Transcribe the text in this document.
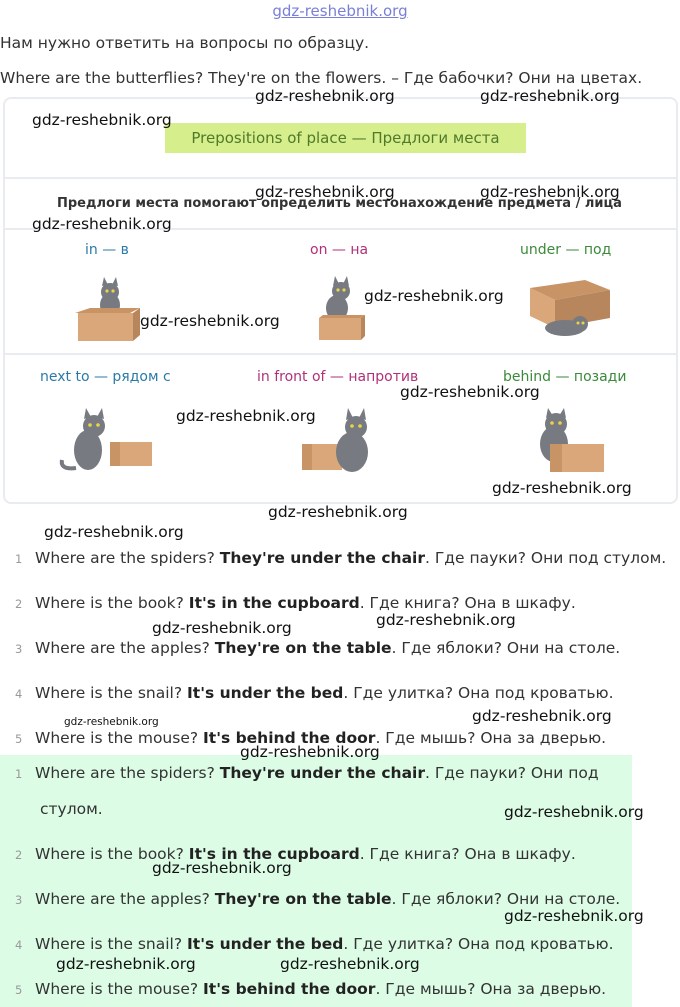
gdz-reshebnik.org
Нам нужно ответить на вопросы по образцу.
Where are the butterflies? They're on the flowers. – Где бабочки? Они на цветах.
Prepositions of place — Предлоги места
Предлоги места помогают определить местонахождение предмета / лица
in — в	on — на	under — под
next to — рядом с	in front of — напротив	behind — позади
1 Where are the spiders? They're under the chair. Где пауки? Они под стулом.
2 Where is the book? It's in the cupboard. Где книга? Она в шкафу.
3 Where are the apples? They're on the table. Где яблоки? Они на столе.
4 Where is the snail? It's under the bed. Где улитка? Она под кроватью.
5 Where is the mouse? It's behind the door. Где мышь? Она за дверью.
1 Where are the spiders? They're under the chair. Где пауки? Они под
стулом.
2 Where is the book? It's in the cupboard. Где книга? Она в шкафу.
3 Where are the apples? They're on the table. Где яблоки? Они на столе.
4 Where is the snail? It's under the bed. Где улитка? Она под кроватью.
5 Where is the mouse? It's behind the door. Где мышь? Она за дверью.
gdz-reshebnik.org	gdz-reshebnik.org
gdz-reshebnik.org
gdz-reshebnik.org	gdz-reshebnik.org
gdz-reshebnik.org
gdz-reshebnik.org
gdz-reshebnik.org
gdz-reshebnik.org
gdz-reshebnik.org
gdz-reshebnik.org
gdz-reshebnik.org
gdz-reshebnik.org
gdz-reshebnik.org
gdz-reshebnik.org
gdz-reshebnik.org
gdz-reshebnik.org
gdz-reshebnik.org
gdz-reshebnik.org
gdz-reshebnik.org
gdz-reshebnik.org
gdz-reshebnik.org	gdz-reshebnik.org
